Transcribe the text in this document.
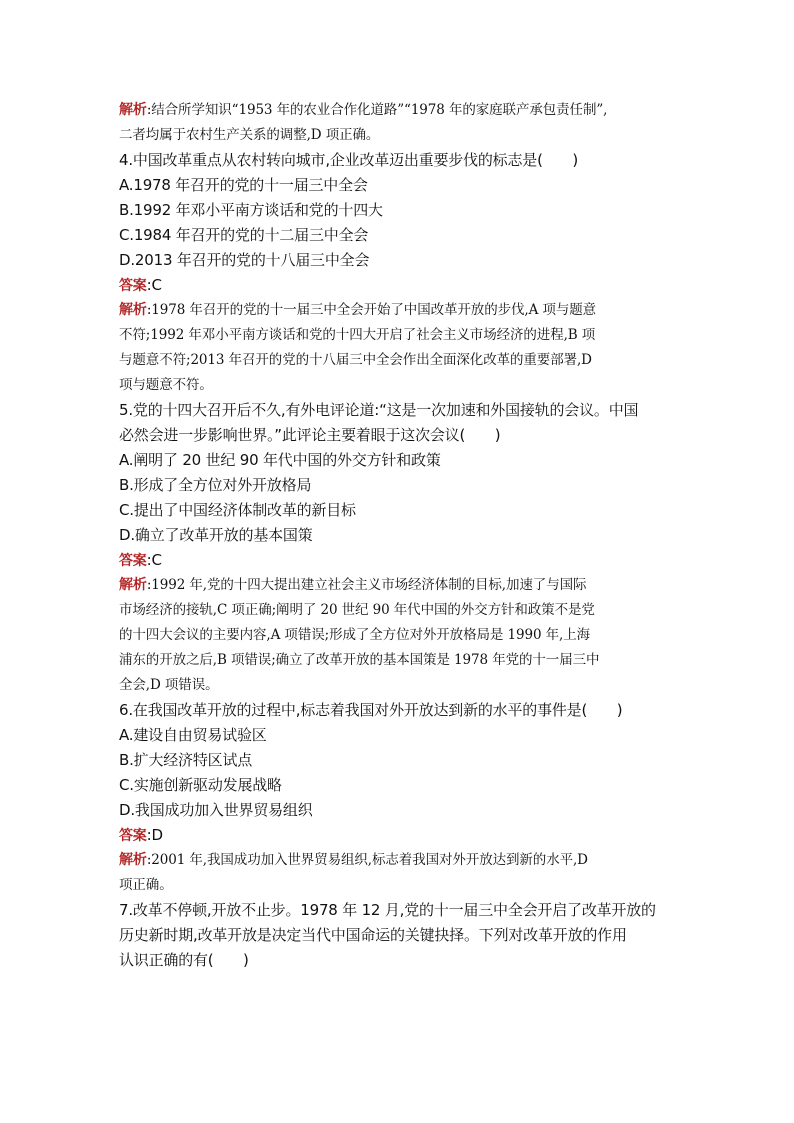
解析:结合所学知识“1953 年的农业合作化道路”“1978 年的家庭联产承包责任制”,
二者均属于农村生产关系的调整,D 项正确。
4.中国改革重点从农村转向城市,企业改革迈出重要步伐的标志是(　　)
A.1978 年召开的党的十一届三中全会
B.1992 年邓小平南方谈话和党的十四大
C.1984 年召开的党的十二届三中全会
D.2013 年召开的党的十八届三中全会
答案:C
解析:1978 年召开的党的十一届三中全会开始了中国改革开放的步伐,A 项与题意
不符;1992 年邓小平南方谈话和党的十四大开启了社会主义市场经济的进程,B 项
与题意不符;2013 年召开的党的十八届三中全会作出全面深化改革的重要部署,D
项与题意不符。
5.党的十四大召开后不久,有外电评论道:“这是一次加速和外国接轨的会议。中国
必然会进一步影响世界。”此评论主要着眼于这次会议(　　)
A.阐明了 20 世纪 90 年代中国的外交方针和政策
B.形成了全方位对外开放格局
C.提出了中国经济体制改革的新目标
D.确立了改革开放的基本国策
答案:C
解析:1992 年,党的十四大提出建立社会主义市场经济体制的目标,加速了与国际
市场经济的接轨,C 项正确;阐明了 20 世纪 90 年代中国的外交方针和政策不是党
的十四大会议的主要内容,A 项错误;形成了全方位对外开放格局是 1990 年,上海
浦东的开放之后,B 项错误;确立了改革开放的基本国策是 1978 年党的十一届三中
全会,D 项错误。
6.在我国改革开放的过程中,标志着我国对外开放达到新的水平的事件是(　　)
A.建设自由贸易试验区
B.扩大经济特区试点
C.实施创新驱动发展战略
D.我国成功加入世界贸易组织
答案:D
解析:2001 年,我国成功加入世界贸易组织,标志着我国对外开放达到新的水平,D
项正确。
7.改革不停顿,开放不止步。1978 年 12 月,党的十一届三中全会开启了改革开放的
历史新时期,改革开放是决定当代中国命运的关键抉择。下列对改革开放的作用
认识正确的有(　　)
